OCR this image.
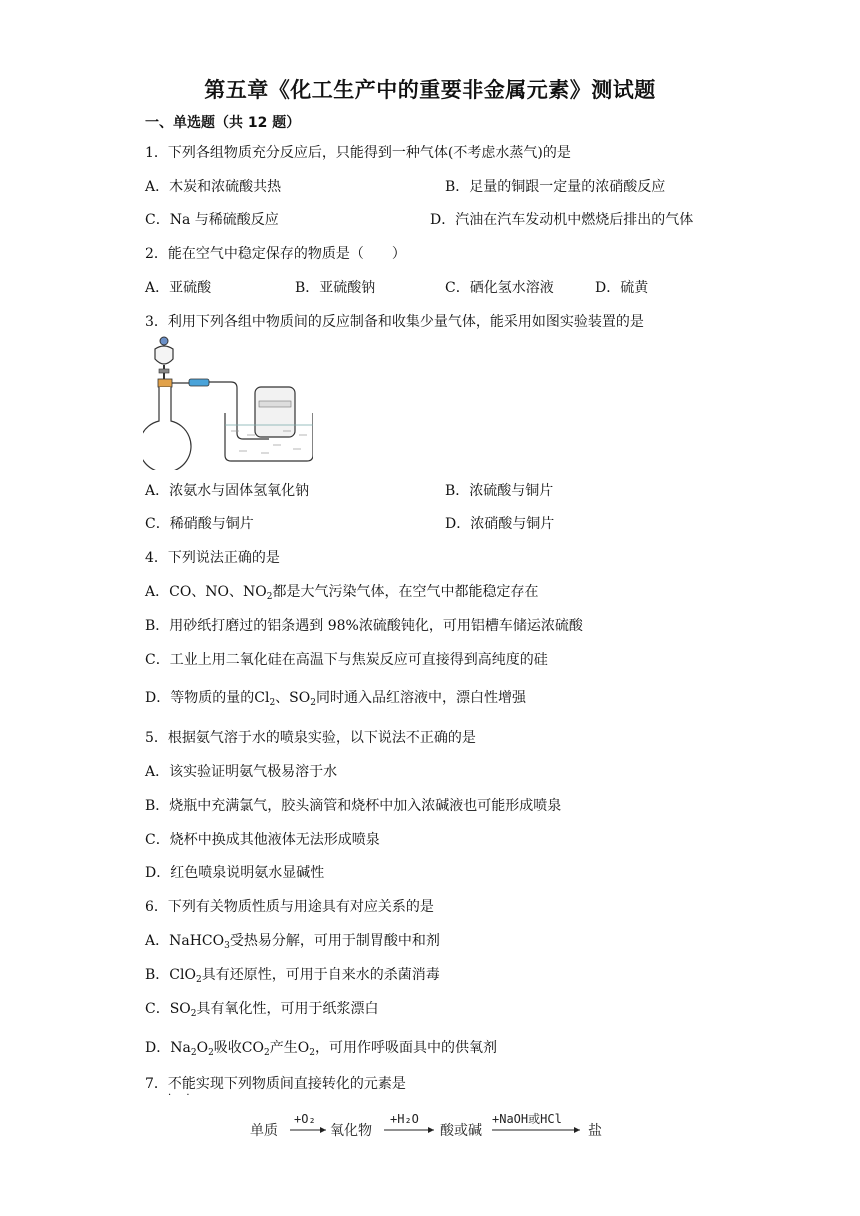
第五章《化工生产中的重要非金属元素》测试题
一、单选题（共 12 题）
1．下列各组物质充分反应后，只能得到一种气体(不考虑水蒸气)的是
A．木炭和浓硫酸共热	B．足量的铜跟一定量的浓硝酸反应
C．Na 与稀硫酸反应	D．汽油在汽车发动机中燃烧后排出的气体
2．能在空气中稳定保存的物质是（　　）
A．亚硫酸	B．亚硫酸钠	C．硒化氢水溶液	D．硫黄
3．利用下列各组中物质间的反应制备和收集少量气体，能采用如图实验装置的是
A．浓氨水与固体氢氧化钠	B．浓硫酸与铜片
C．稀硝酸与铜片	D．浓硝酸与铜片
4．下列说法正确的是
A．CO、NO、$NO_2$都是大气污染气体，在空气中都能稳定存在
B．用砂纸打磨过的铝条遇到 98%浓硫酸钝化，可用铝槽车储运浓硫酸
C．工业上用二氧化硅在高温下与焦炭反应可直接得到高纯度的硅
D．等物质的量的$Cl_2$、$SO_2$同时通入品红溶液中，漂白性增强
5．根据氨气溶于水的喷泉实验，以下说法不正确的是
A．该实验证明氨气极易溶于水
B．烧瓶中充满氯气，胶头滴管和烧杯中加入浓碱液也可能形成喷泉
C．烧杯中换成其他液体无法形成喷泉
D．红色喷泉说明氨水显碱性
6．下列有关物质性质与用途具有对应关系的是
A．NaHCO$_3$受热易分解，可用于制胃酸中和剂
B．ClO$_2$具有还原性，可用于自来水的杀菌消毒
C．$SO_2$具有氧化性，可用于纸浆漂白
D．$Na_2O_2$吸收$CO_2$产生$O_2$，可用作呼吸面具中的供氧剂
7．不能实现下列物质间直接转化的元素是
· ·
单质
+O₂
氧化物
+H₂O
酸或碱
+NaOH或HCl
盐
